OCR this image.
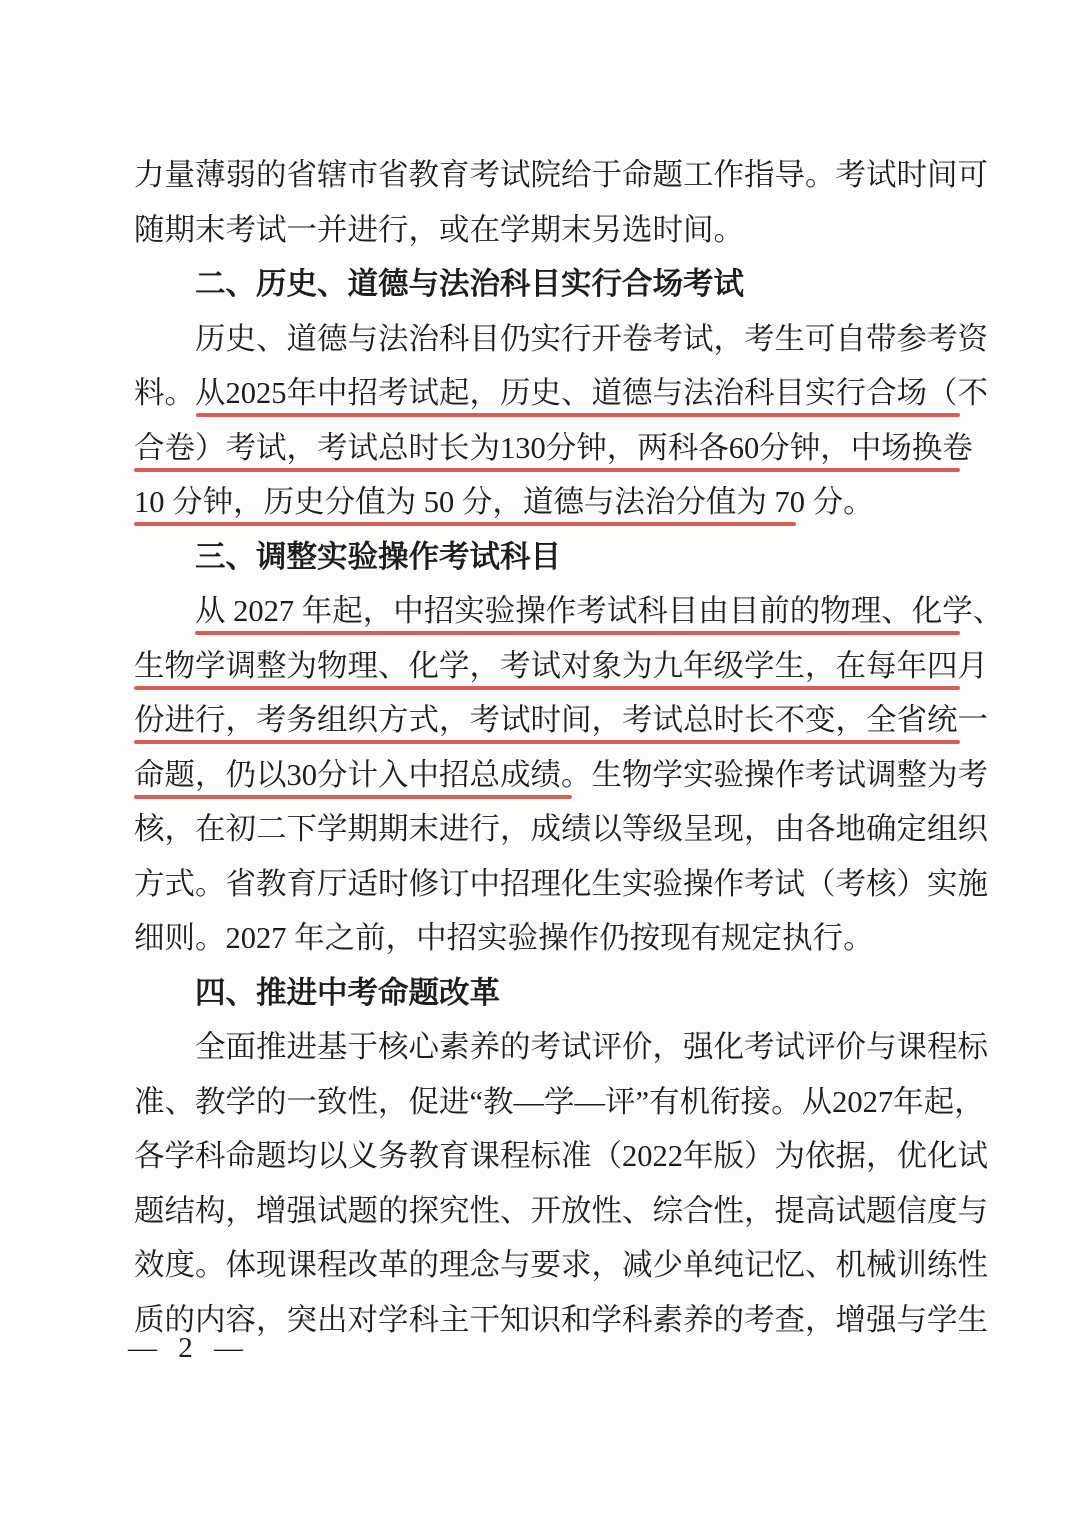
力 量 薄 弱 的 省 辖 市 省 教 育 考 试 院 给 于 命 题 工 作 指 导 。 考 试 时 间 可
随期末考试一并进行，或在学期末另选时间。
二、历史、道德与法治科目实行合场考试
历史、道德与法治科目仍实行开卷考试，考生可自带参考资
料 。 从 2 0 2 5 年 中 招 考 试 起 ， 历 史 、 道 德 与 法 治 科 目 实 行 合 场 （ 不
合 卷 ） 考 试 ， 考 试 总 时 长 为 1 3 0 分 钟 ， 两 科 各 6 0 分 钟 ， 中 场 换 卷
10 分钟，历史分值为 50 分，道德与法治分值为 70 分。
三、调整实验操作考试科目
从 2027 年起，中招实验操作考试科目由目前的物理、化学、
生 物 学 调 整 为 物 理 、 化 学 ， 考 试 对 象 为 九 年 级 学 生 ， 在 每 年 四 月
份 进 行 ， 考 务 组 织 方 式 ， 考 试 时 间 ， 考 试 总 时 长 不 变 ， 全 省 统 一
命 题 ， 仍 以 3 0 分 计 入 中 招 总 成 绩 。 生 物 学 实 验 操 作 考 试 调 整 为 考
核 ， 在 初 二 下 学 期 期 末 进 行 ， 成 绩 以 等 级 呈 现 ， 由 各 地 确 定 组 织
方 式 。 省 教 育 厅 适 时 修 订 中 招 理 化 生 实 验 操 作 考 试 （ 考 核 ） 实 施
细则。2027 年之前，中招实验操作仍按现有规定执行。
四、推进中考命题改革
全面推进基于核心素养的考试评价，强化考试评价与课程标
准 、 教 学 的 一 致 性 ， 促 进 “ 教 — 学 — 评 ” 有 机 衔 接 。 从 2 0 2 7 年 起 ，
各 学 科 命 题 均 以 义 务 教 育 课 程 标 准 （ 2 0 2 2 年 版 ） 为 依 据 ， 优 化 试
题 结 构 ， 增 强 试 题 的 探 究 性 、 开 放 性 、 综 合 性 ， 提 高 试 题 信 度 与
效 度 。 体 现 课 程 改 革 的 理 念 与 要 求 ， 减 少 单 纯 记 忆 、 机 械 训 练 性
质 的 内 容 ， 突 出 对 学 科 主 干 知 识 和 学 科 素 养 的 考 查 ， 增 强 与 学 生
— 2 —
